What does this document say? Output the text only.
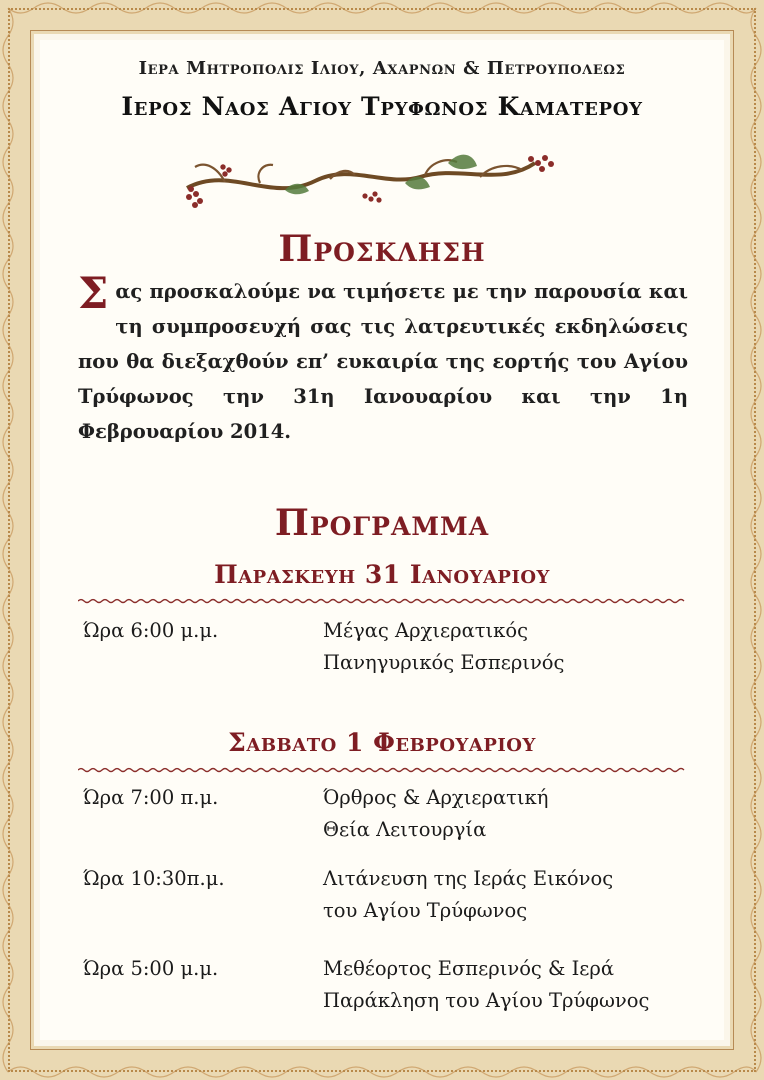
Ιερα Μητροπολις Ιλιου, Αχαρνων & Πετρουπολεως
Ιερος Ναος Αγιου Τρυφωνος Καματερου
Προσκληση
Σ ας προσκαλούμε να τιμήσετε με την παρουσία και τη συμπροσευχή σας τις λατρευτικές εκδηλώσεις που θα διεξαχθούν επ’ ευκαιρία της εορτής του Αγίου Τρύφωνος την 31η Ιανουαρίου και την 1η Φεβρουαρίου 2014.
Προγραμμα
Παρασκευη 31 Ιανουαριου
Ώρα 6:00 μ.μ.	Μέγας Αρχιερατικός
Πανηγυρικός Εσπερινός
Σαββατο 1 Φεβρουαριου
Ώρα 7:00 π.μ.	Όρθρος & Αρχιερατική
Θεία Λειτουργία
Ώρα 10:30π.μ.	Λιτάνευση της Ιεράς Εικόνος
του Αγίου Τρύφωνος
Ώρα 5:00 μ.μ.	Μεθέορτος Εσπερινός & Ιερά
Παράκληση του Αγίου Τρύφωνος
